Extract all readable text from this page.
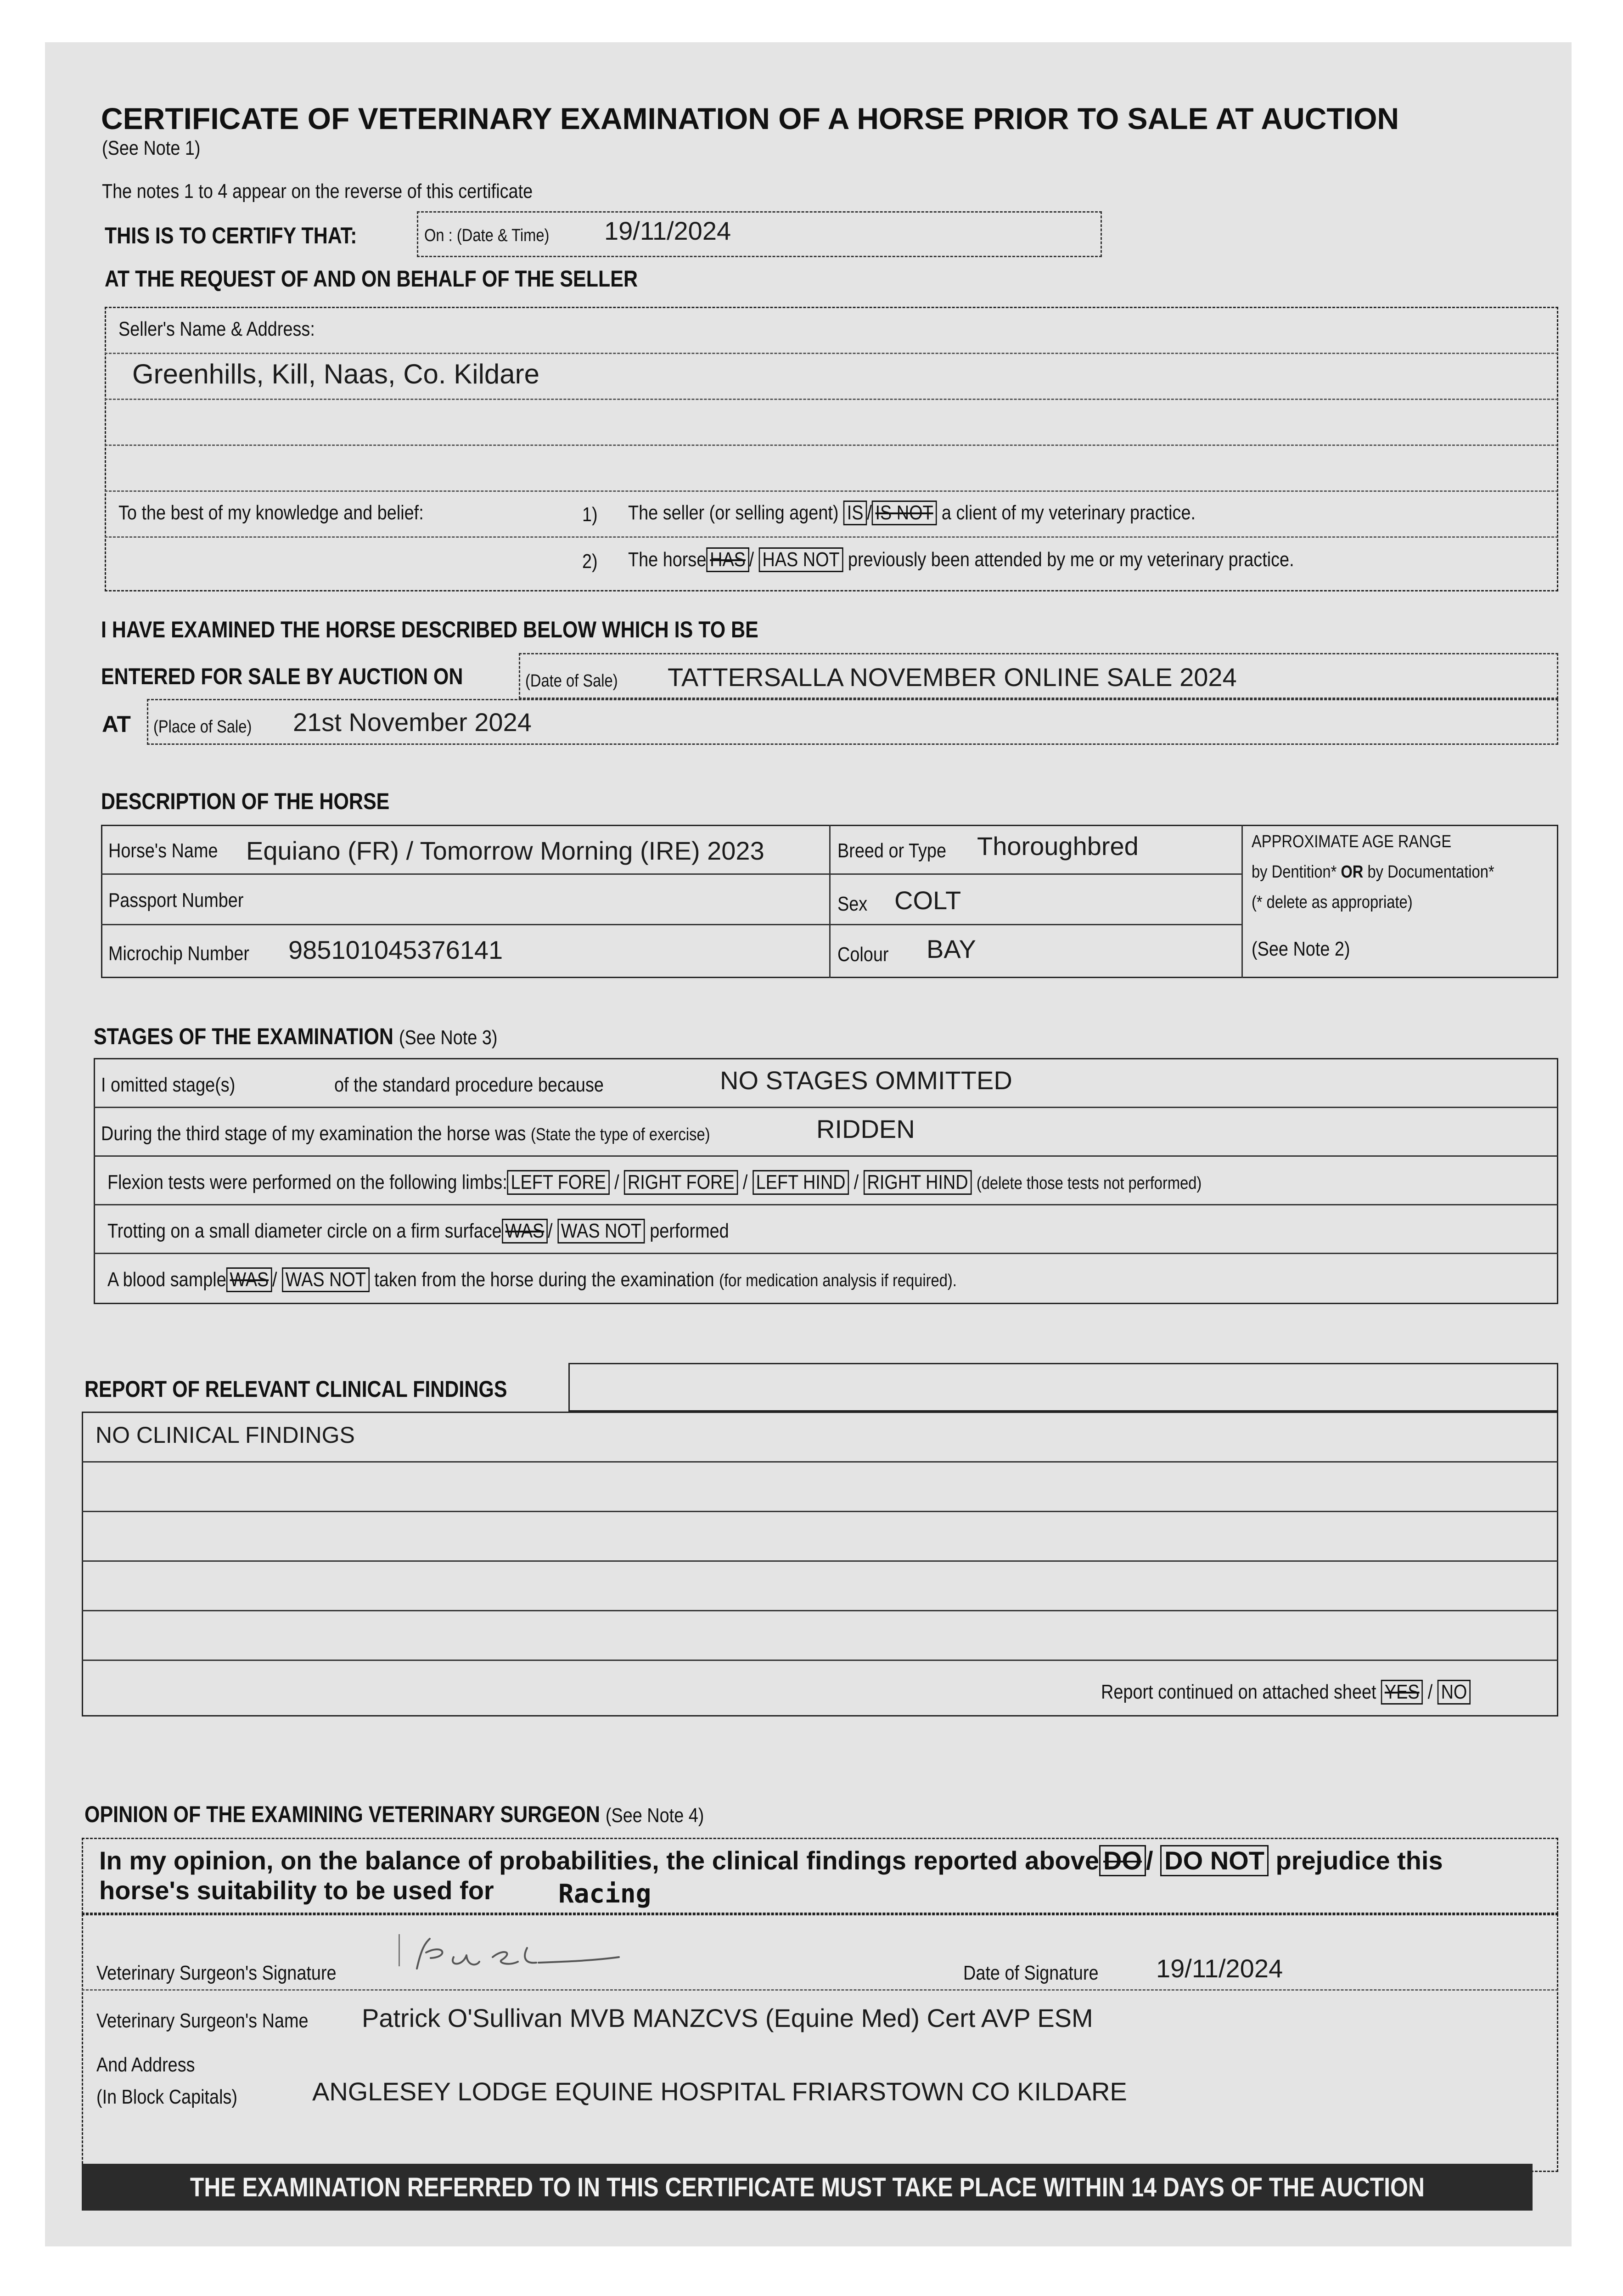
CERTIFICATE OF VETERINARY EXAMINATION OF A HORSE PRIOR TO SALE AT AUCTION
(See Note 1)
The notes 1 to 4 appear on the reverse of this certificate
THIS IS TO CERTIFY THAT:	On : (Date & Time) 19/11/2024
AT THE REQUEST OF AND ON BEHALF OF THE SELLER
Seller's Name & Address:
Greenhills, Kill, Naas, Co. Kildare
To the best of my knowledge and belief:	1) The seller (or selling agent) IS / IS NOT a client of my veterinary practice.
2) The horse HAS / HAS NOT previously been attended by me or my veterinary practice.
I HAVE EXAMINED THE HORSE DESCRIBED BELOW WHICH IS TO BE
ENTERED FOR SALE BY AUCTION ON	(Date of Sale) TATTERSALLA NOVEMBER ONLINE SALE 2024
AT (Place of Sale) 21st November 2024
DESCRIPTION OF THE HORSE
Horse's Name Equiano (FR) / Tomorrow Morning (IRE) 2023	Breed or Type Thoroughbred
Passport Number	Sex COLT
Microchip Number 985101045376141	Colour BAY
APPROXIMATE AGE RANGE
by Dentition* OR by Documentation*
(* delete as appropriate)
(See Note 2)
STAGES OF THE EXAMINATION (See Note 3)
I omitted stage(s)	of the standard procedure because	NO STAGES OMMITTED
During the third stage of my examination the horse was (State the type of exercise)	RIDDEN
Flexion tests were performed on the following limbs: LEFT FORE / RIGHT FORE / LEFT HIND / RIGHT HIND (delete those tests not performed)
Trotting on a small diameter circle on a firm surface WAS / WAS NOT performed
A blood sample WAS / WAS NOT taken from the horse during the examination (for medication analysis if required).
REPORT OF RELEVANT CLINICAL FINDINGS
NO CLINICAL FINDINGS
Report continued on attached sheet YES / NO
OPINION OF THE EXAMINING VETERINARY SURGEON (See Note 4)
In my opinion, on the balance of probabilities, the clinical findings reported above DO / DO NOT prejudice this
horse's suitability to be used for	Racing
Veterinary Surgeon's Signature	Date of Signature 19/11/2024
Veterinary Surgeon's Name Patrick O'Sullivan MVB MANZCVS (Equine Med) Cert AVP ESM
And Address
(In Block Capitals)	ANGLESEY LODGE EQUINE HOSPITAL FRIARSTOWN CO KILDARE
THE EXAMINATION REFERRED TO IN THIS CERTIFICATE MUST TAKE PLACE WITHIN 14 DAYS OF THE AUCTION
